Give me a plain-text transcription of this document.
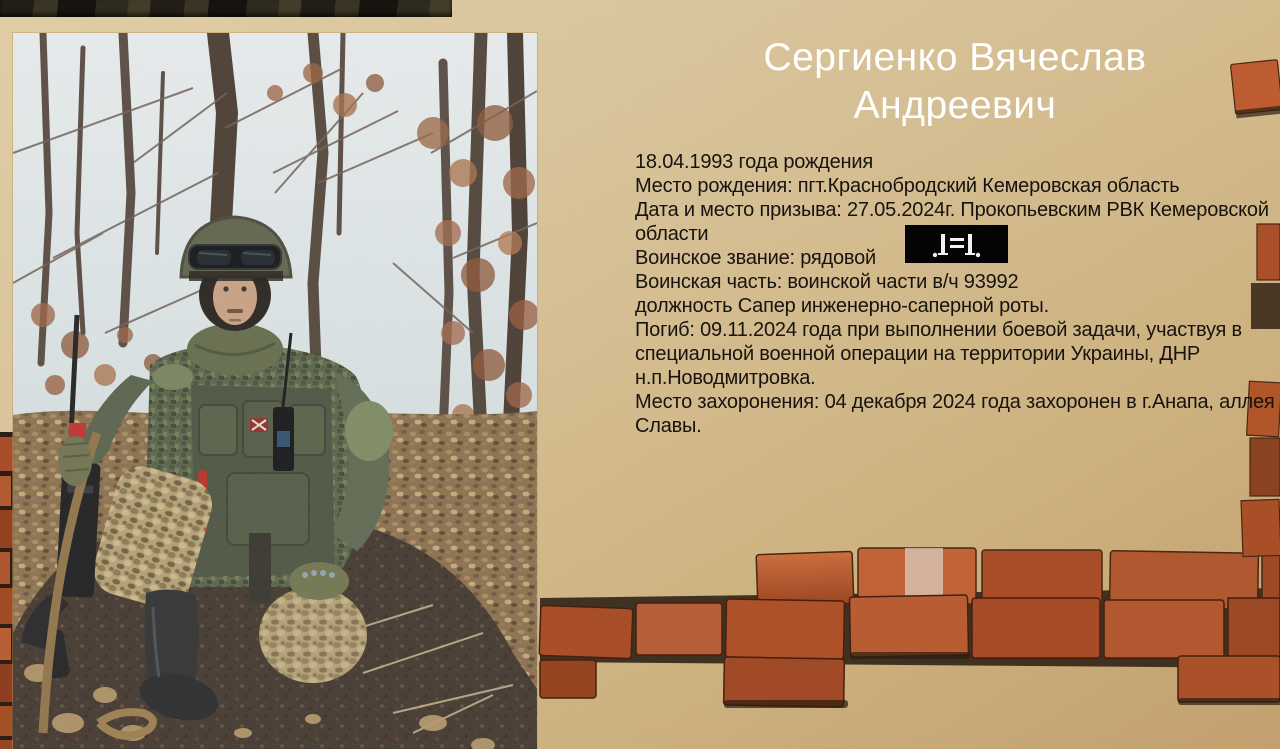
Сергиенко Вячеслав
Андреевич

18.04.1993 года рождения

Место рождения: пгт.Краснобродский Кемеровская область

Дата и место призыва: 27.05.2024г. Прокопьевским РВК Кемеровской области

Воинское звание: рядовой

Воинская часть: воинской части в/ч 93992

должность Сапер инженерно-саперной роты.

Погиб: 09.11.2024 года при выполнении боевой задачи, участвуя в специальной военной операции на территории Украины, ДНР н.п.Новодмитровка.

Место захоронения: 04 декабря 2024 года захоронен в г.Анапа, аллея Славы.
